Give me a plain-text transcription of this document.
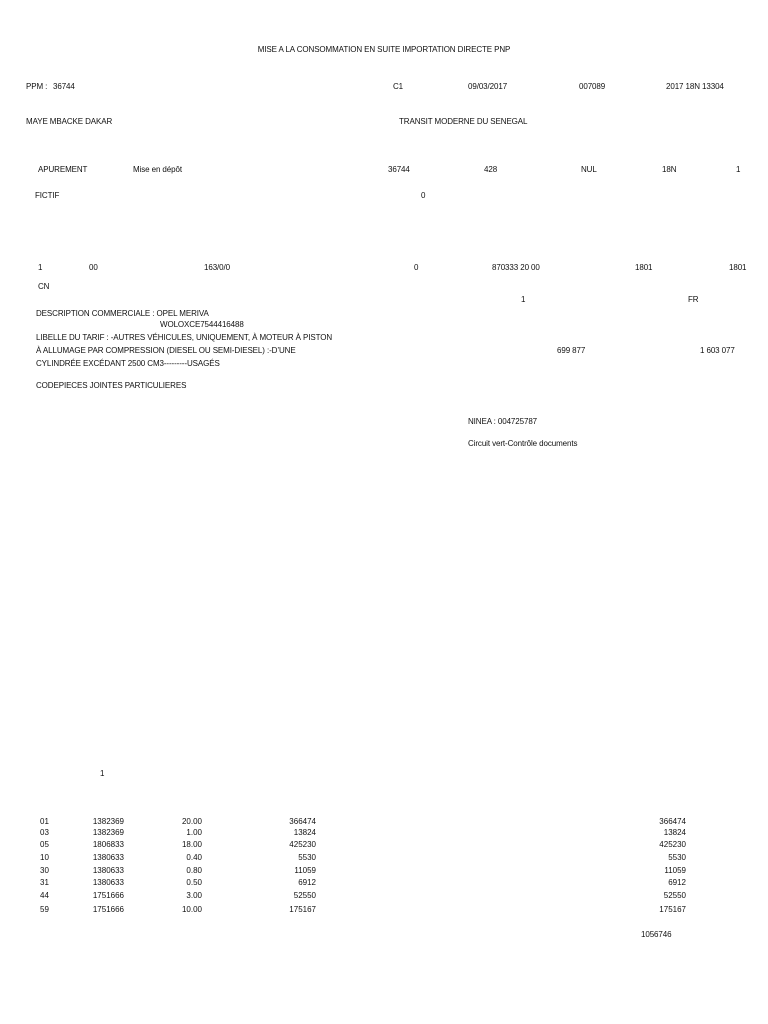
MISE A LA CONSOMMATION EN SUITE IMPORTATION DIRECTE PNP
PPM : 36744	C1	09/03/2017	007089	2017 18N 13304
MAYE MBACKE DAKAR	TRANSIT MODERNE DU SENEGAL
APUREMENT	Mise en dépôt	36744	428	NUL	18N	1
FICTIF	0
1	00	163/0/0	0	870333 20 00	1801	1801
CN
1	FR
DESCRIPTION COMMERCIALE : OPEL MERIVA
WOLOXCE7544416488
LIBELLE DU TARIF : -AUTRES VÉHICULES, UNIQUEMENT, À MOTEUR À PISTON
À ALLUMAGE PAR COMPRESSION (DIESEL OU SEMI-DIESEL) :-D’UNE	699 877	1 603 077
CYLINDRÉE EXCÉDANT 2500 CM3---------USAGÉS
CODEPIECES JOINTES PARTICULIERES
NINEA : 004725787
Circuit vert-Contrôle documents
1
01	1382369	20.00	366474	366474
03	1382369	1.00	13824	13824
05	1806833	18.00	425230	425230
10	1380633	0.40	5530	5530
30	1380633	0.80	11059	11059
31	1380633	0.50	6912	6912
44	1751666	3.00	52550	52550
59	1751666	10.00	175167	175167
1056746
